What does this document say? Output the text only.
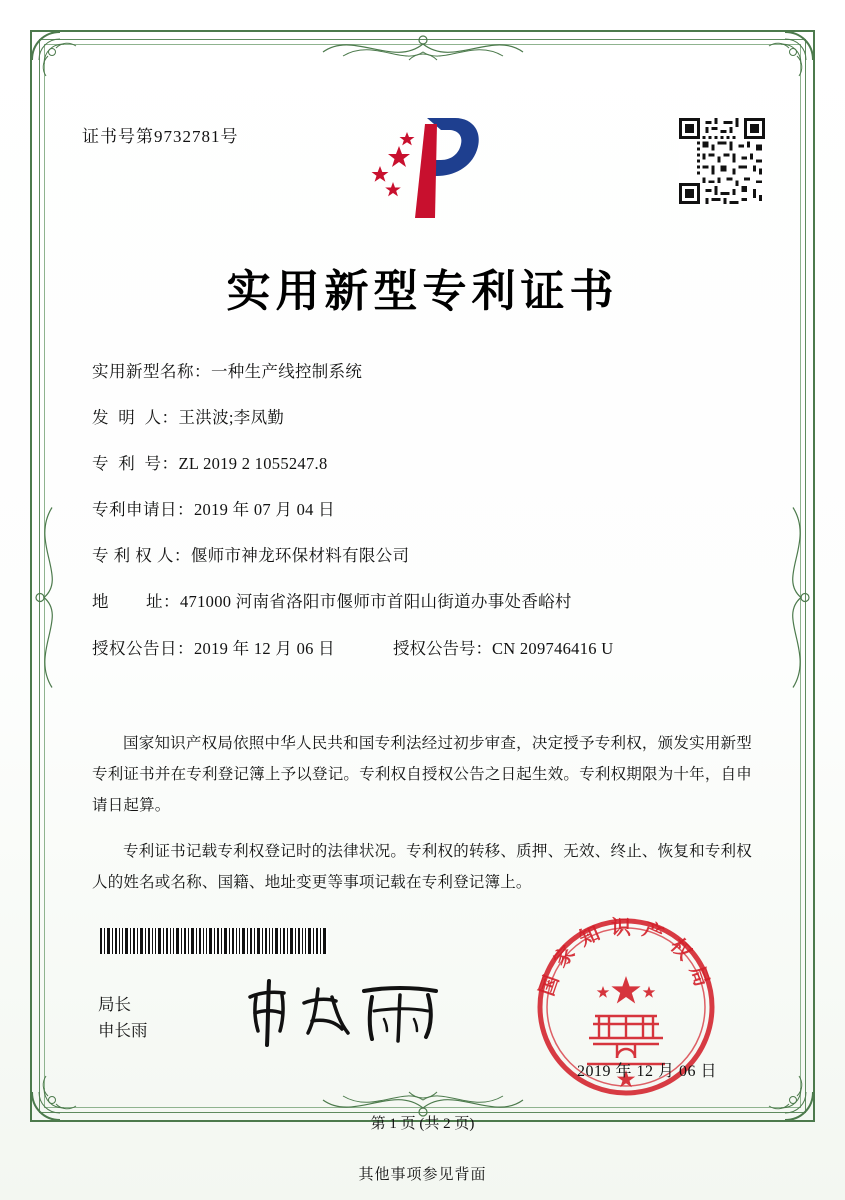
证书号第9732781号
实用新型专利证书
实用新型名称： 一种生产线控制系统
发  明  人： 王洪波;李凤勤
专  利  号： ZL 2019 2 1055247.8
专利申请日： 2019 年 07 月 04 日
专 利 权 人： 偃师市神龙环保材料有限公司
地        址： 471000 河南省洛阳市偃师市首阳山街道办事处香峪村
授权公告日： 2019 年 12 月 06 日	授权公告号： CN 209746416 U

国家知识产权局依照中华人民共和国专利法经过初步审查，决定授予专利权，颁发实用新型专利证书并在专利登记簿上予以登记。专利权自授权公告之日起生效。专利权期限为十年，自申请日起算。

专利证书记载专利权登记时的法律状况。专利权的转移、质押、无效、终止、恢复和专利权人的姓名或名称、国籍、地址变更等事项记载在专利登记簿上。

局长
申长雨
国家知识产权局
2019 年 12 月 06 日
第 1 页 (共 2 页)
其他事项参见背面
